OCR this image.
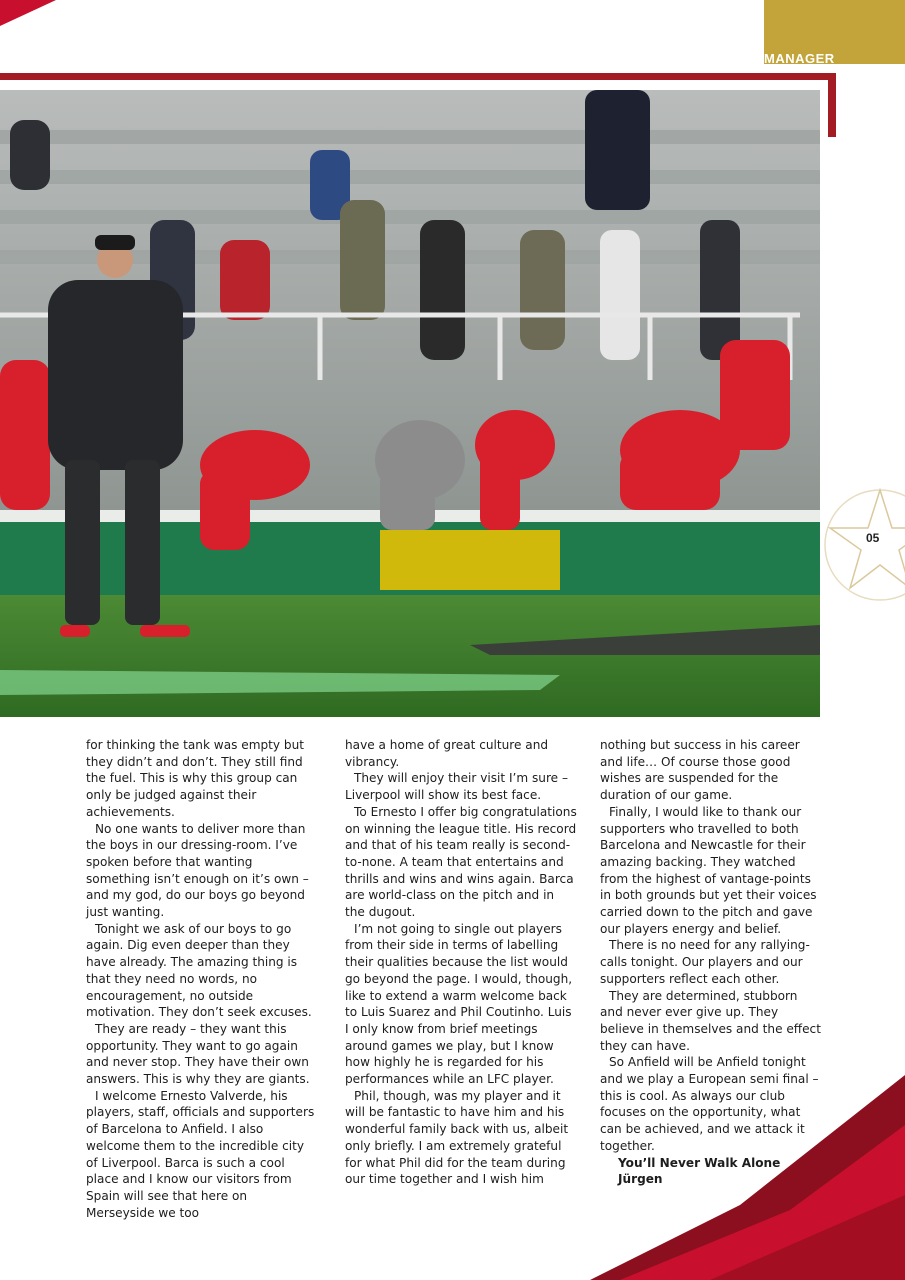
MANAGER
05

for thinking the tank was empty but they didn’t and don’t. They still find the fuel. This is why this group can only be judged against their achievements.

No one wants to deliver more than the boys in our dressing-room. I’ve spoken before that wanting something isn’t enough on it’s own – and my god, do our boys go beyond just wanting.

Tonight we ask of our boys to go again. Dig even deeper than they have already. The amazing thing is that they need no words, no encouragement, no outside motivation. They don’t seek excuses.

They are ready – they want this opportunity. They want to go again and never stop. They have their own answers. This is why they are giants.

I welcome Ernesto Valverde, his players, staff, officials and supporters of Barcelona to Anfield. I also welcome them to the incredible city of Liverpool. Barca is such a cool place and I know our visitors from Spain will see that here on Merseyside we too

have a home of great culture and vibrancy.

They will enjoy their visit I’m sure – Liverpool will show its best face.

To Ernesto I offer big congratulations on winning the league title. His record and that of his team really is second-to-none. A team that entertains and thrills and wins and wins again. Barca are world-class on the pitch and in the dugout.

I’m not going to single out players from their side in terms of labelling their qualities because the list would go beyond the page. I would, though, like to extend a warm welcome back to Luis Suarez and Phil Coutinho. Luis I only know from brief meetings around games we play, but I know how highly he is regarded for his performances while an LFC player.

Phil, though, was my player and it will be fantastic to have him and his wonderful family back with us, albeit only briefly. I am extremely grateful for what Phil did for the team during our time together and I wish him

nothing but success in his career and life… Of course those good wishes are suspended for the duration of our game.

Finally, I would like to thank our supporters who travelled to both Barcelona and Newcastle for their amazing backing. They watched from the highest of vantage-points in both grounds but yet their voices carried down to the pitch and gave our players energy and belief.

There is no need for any rallying-calls tonight. Our players and our supporters reflect each other.

They are determined, stubborn and never ever give up. They believe in themselves and the effect they can have.

So Anfield will be Anfield tonight and we play a European semi final – this is cool. As always our club focuses on the opportunity, what can be achieved, and we attack it together.

You’ll Never Walk Alone

Jürgen
